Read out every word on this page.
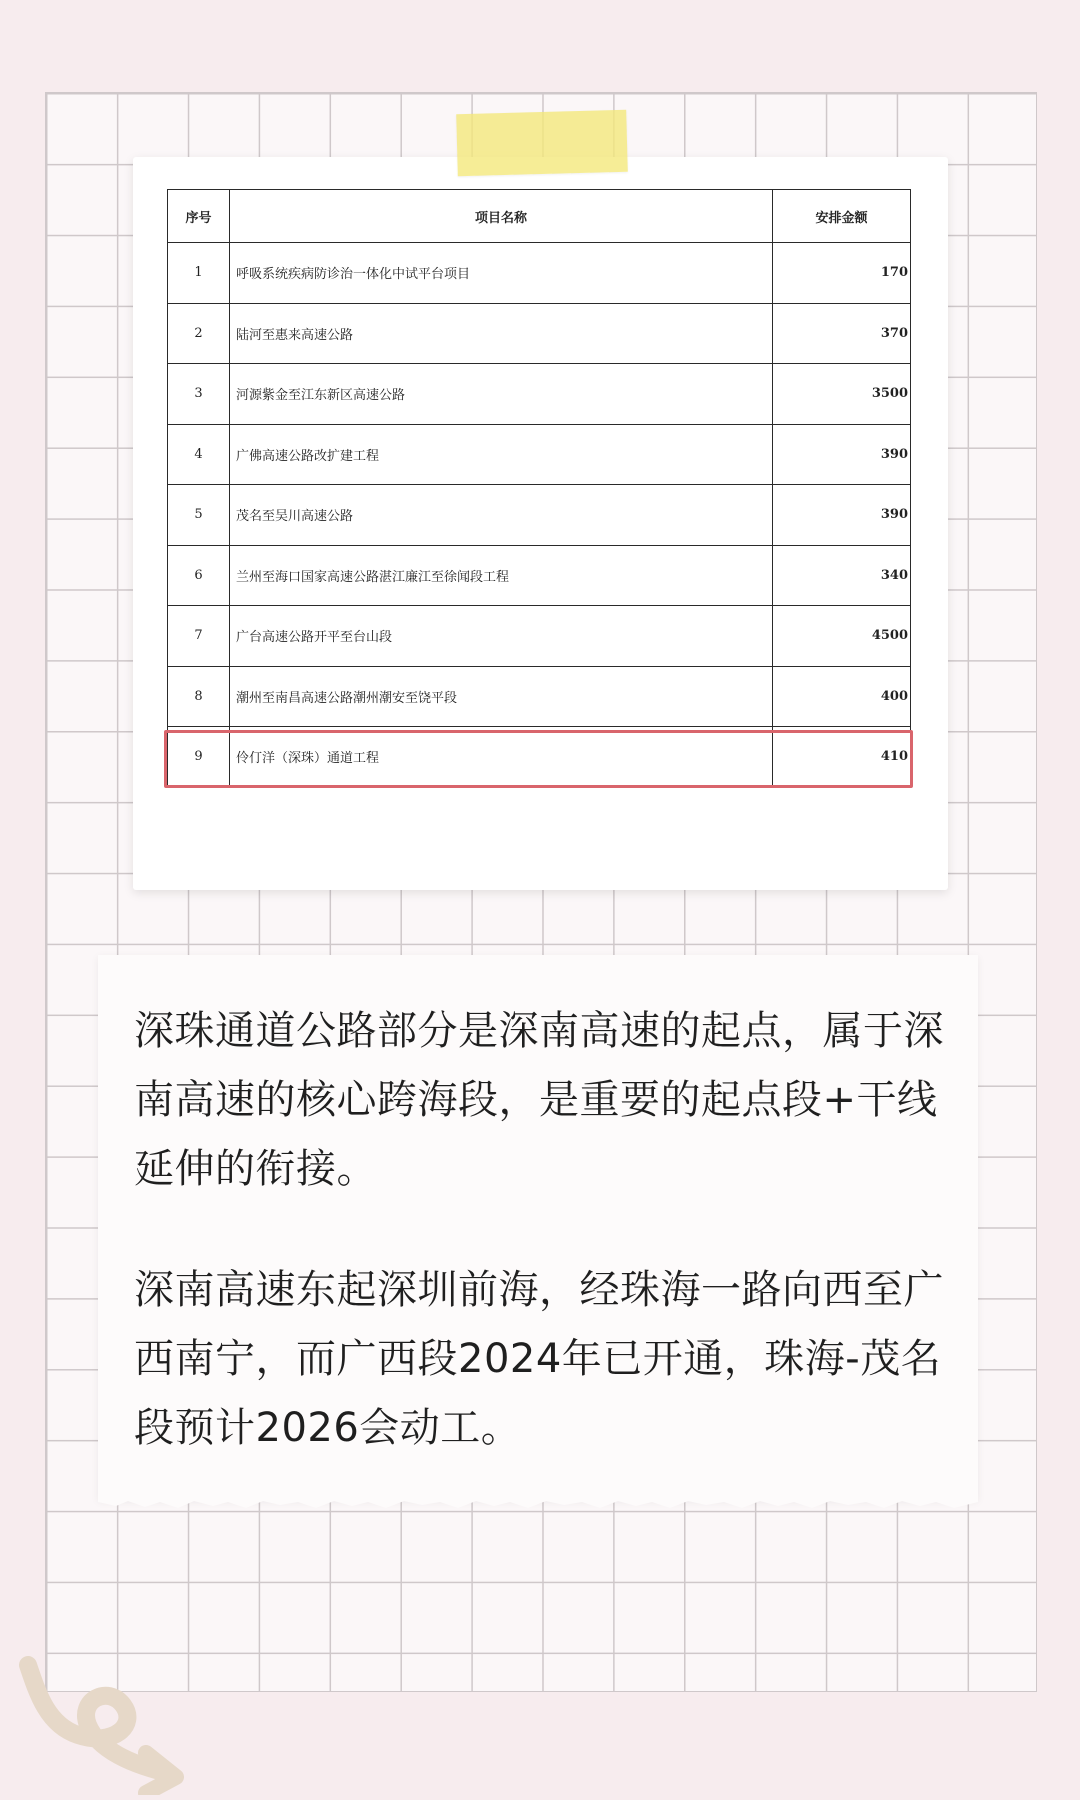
序号	项目名称	安排金额
1	呼吸系统疾病防诊治一体化中试平台项目	170
2	陆河至惠来高速公路	370
3	河源紫金至江东新区高速公路	3500
4	广佛高速公路改扩建工程	390
5	茂名至吴川高速公路	390
6	兰州至海口国家高速公路湛江廉江至徐闻段工程	340
7	广台高速公路开平至台山段	4500
8	潮州至南昌高速公路潮州潮安至饶平段	400
9	伶仃洋（深珠）通道工程	410

深珠通道公路部分是深南高速的起点，属于深南高速的核心跨海段，是重要的起点段+干线延伸的衔接。

深南高速东起深圳前海，经珠海一路向西至广西南宁，而广西段2024年已开通，珠海-茂名段预计2026会动工。
